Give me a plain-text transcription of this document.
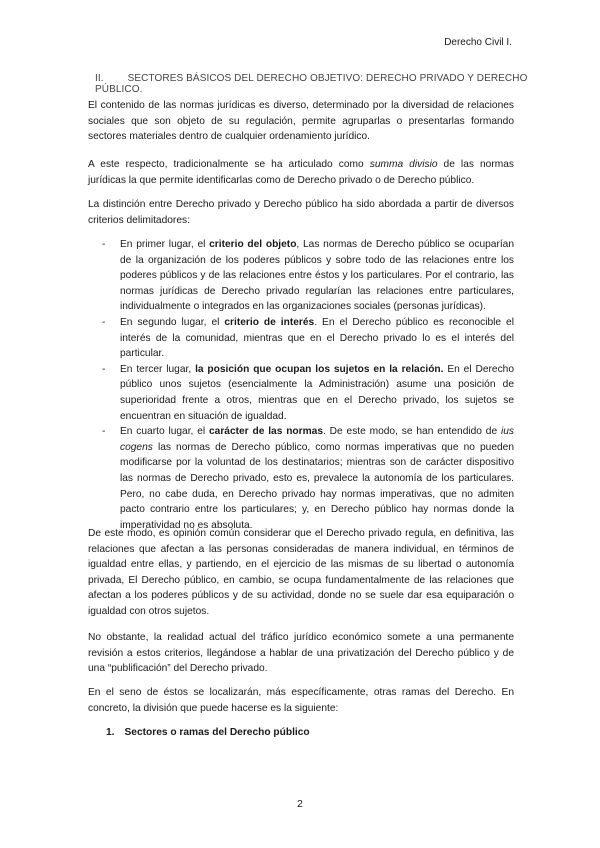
Derecho Civil I.
II. SECTORES BÁSICOS DEL DERECHO OBJETIVO: DERECHO PRIVADO Y DERECHO PÚBLICO.
El contenido de las normas jurídicas es diverso, determinado por la diversidad de relaciones sociales que son objeto de su regulación, permite agruparlas o presentarlas formando sectores materiales dentro de cualquier ordenamiento jurídico.
A este respecto, tradicionalmente se ha articulado como summa divisio de las normas jurídicas la que permite identificarlas como de Derecho privado o de Derecho público.
La distinción entre Derecho privado y Derecho público ha sido abordada a partir de diversos criterios delimitadores:
- En primer lugar, el criterio del objeto, Las normas de Derecho público se ocuparían de la organización de los poderes públicos y sobre todo de las relaciones entre los poderes públicos y de las relaciones entre éstos y los particulares. Por el contrario, las normas jurídicas de Derecho privado regularían las relaciones entre particulares, individualmente o integrados en las organizaciones sociales (personas jurídicas).
- En segundo lugar, el criterio de interés. En el Derecho público es reconocible el interés de la comunidad, mientras que en el Derecho privado lo es el interés del particular.
- En tercer lugar, la posición que ocupan los sujetos en la relación. En el Derecho público unos sujetos (esencialmente la Administración) asume una posición de superioridad frente a otros, mientras que en el Derecho privado, los sujetos se encuentran en situación de igualdad.
- En cuarto lugar, el carácter de las normas. De este modo, se han entendido de ius cogens las normas de Derecho público, como normas imperativas que no pueden modificarse por la voluntad de los destinatarios; mientras son de carácter dispositivo las normas de Derecho privado, esto es, prevalece la autonomía de los particulares. Pero, no cabe duda, en Derecho privado hay normas imperativas, que no admiten pacto contrario entre los particulares; y, en Derecho público hay normas donde la imperatividad no es absoluta.
De este modo, es opinión común considerar que el Derecho privado regula, en definitiva, las relaciones que afectan a las personas consideradas de manera individual, en términos de igualdad entre ellas, y partiendo, en el ejercicio de las mismas de su libertad o autonomía privada, El Derecho público, en cambio, se ocupa fundamentalmente de las relaciones que afectan a los poderes públicos y de su actividad, donde no se suele dar esa equiparación o igualdad con otros sujetos.
No obstante, la realidad actual del tráfico jurídico económico somete a una permanente revisión a estos criterios, llegándose a hablar de una privatización del Derecho público y de una “publificación” del Derecho privado.
En el seno de éstos se localizarán, más específicamente, otras ramas del Derecho. En concreto, la división que puede hacerse es la siguiente:
1. Sectores o ramas del Derecho público
2
